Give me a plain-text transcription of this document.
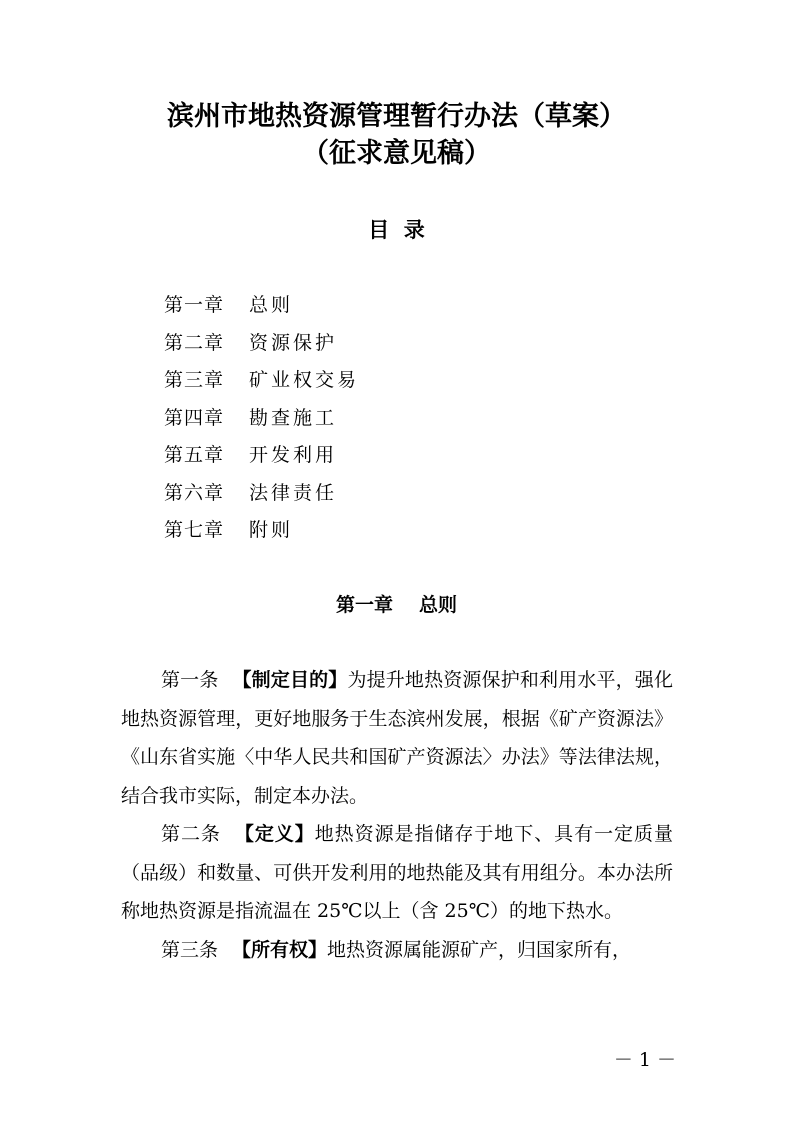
滨州市地热资源管理暂行办法（草案）
（征求意见稿）
目  录
第一章 总则
第二章 资源保护
第三章 矿业权交易
第四章 勘查施工
第五章 开发利用
第六章 法律责任
第七章 附则
第一章 总则

第一条 【制定目的】为提升地热资源保护和利用水平，强化地热资源管理，更好地服务于生态滨州发展，根据《矿产资源法》《山东省实施〈中华人民共和国矿产资源法〉办法》等法律法规，结合我市实际，制定本办法。

第二条 【定义】地热资源是指储存于地下、具有一定质量（品级）和数量、可供开发利用的地热能及其有用组分。本办法所称地热资源是指流温在 25℃以上（含 25℃）的地下热水。

第三条 【所有权】地热资源属能源矿产，归国家所有，

－ 1 －
